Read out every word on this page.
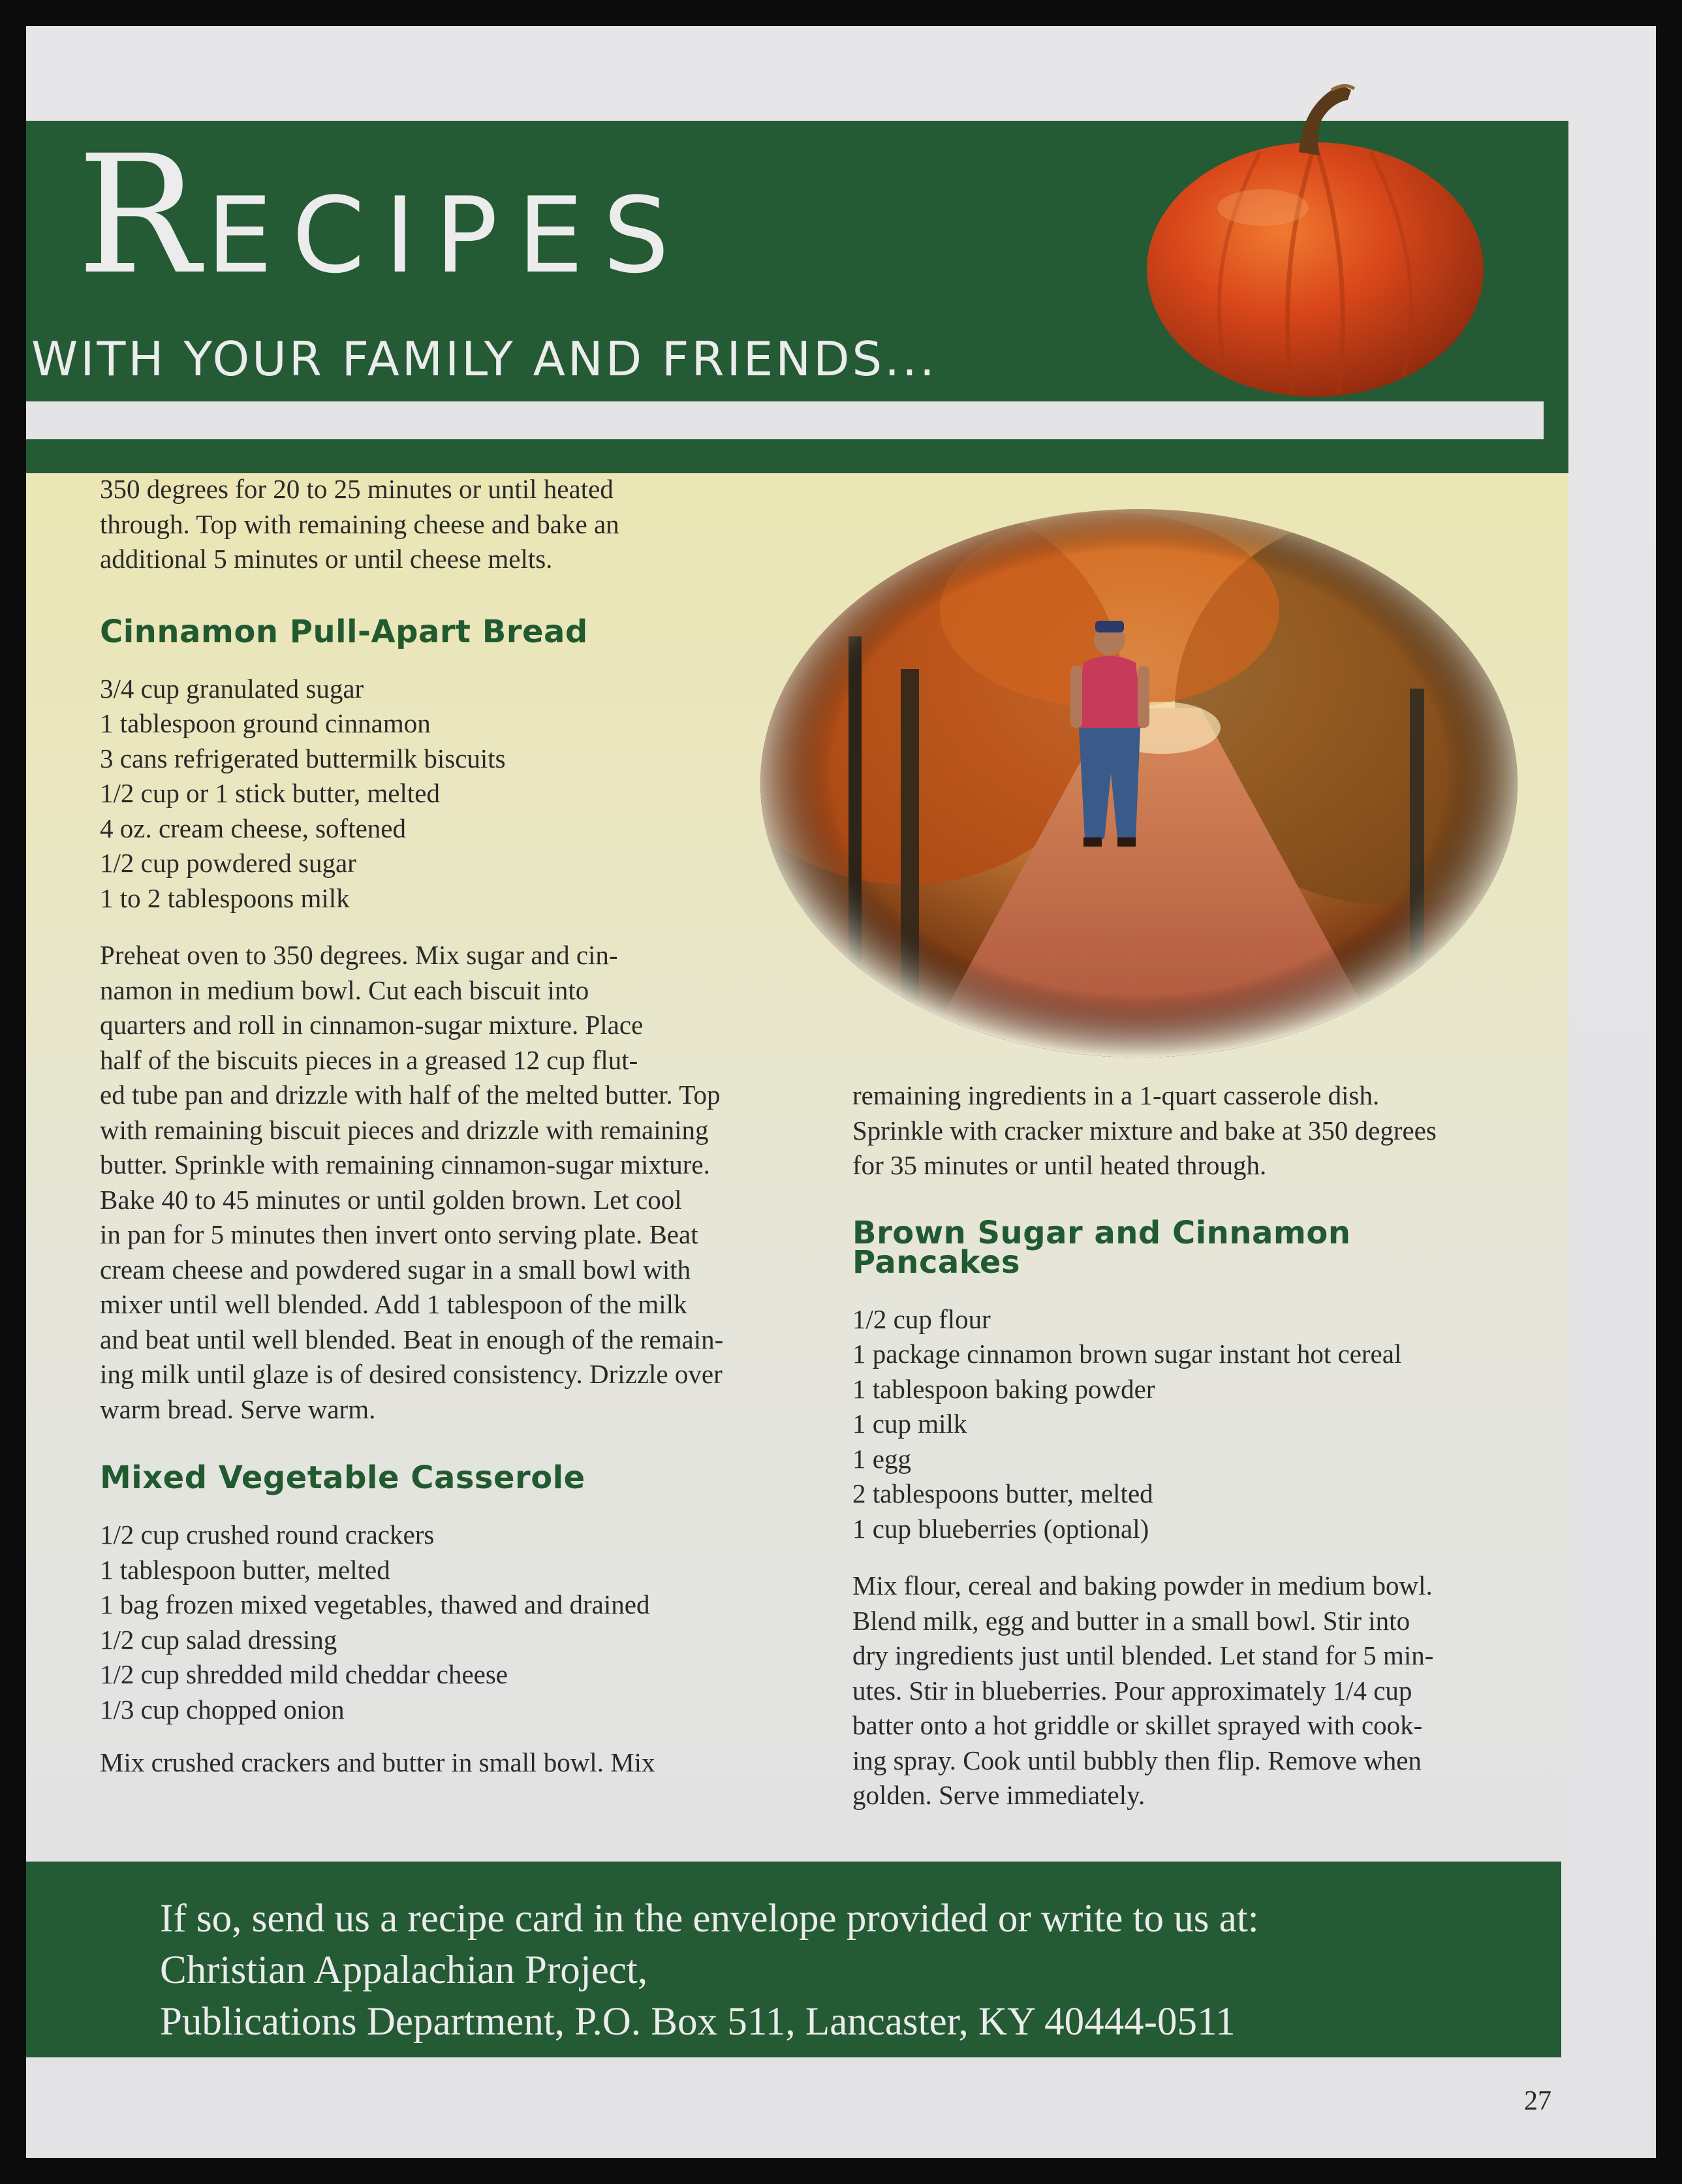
RECIPES
WITH YOUR FAMILY AND FRIENDS...

350 degrees for 20 to 25 minutes or until heated
through. Top with remaining cheese and bake an
additional 5 minutes or until cheese melts.

Cinnamon Pull-Apart Bread

3/4 cup granulated sugar
1 tablespoon ground cinnamon
3 cans refrigerated buttermilk biscuits
1/2 cup or 1 stick butter, melted
4 oz. cream cheese, softened
1/2 cup powdered sugar
1 to 2 tablespoons milk

Preheat oven to 350 degrees. Mix sugar and cin-
namon in medium bowl. Cut each biscuit into
quarters and roll in cinnamon-sugar mixture. Place
half of the biscuits pieces in a greased 12 cup flut-
ed tube pan and drizzle with half of the melted butter. Top
with remaining biscuit pieces and drizzle with remaining
butter. Sprinkle with remaining cinnamon-sugar mixture.
Bake 40 to 45 minutes or until golden brown. Let cool
in pan for 5 minutes then invert onto serving plate. Beat
cream cheese and powdered sugar in a small bowl with
mixer until well blended. Add 1 tablespoon of the milk
and beat until well blended. Beat in enough of the remain-
ing milk until glaze is of desired consistency. Drizzle over
warm bread. Serve warm.

Mixed Vegetable Casserole

1/2 cup crushed round crackers
1 tablespoon butter, melted
1 bag frozen mixed vegetables, thawed and drained
1/2 cup salad dressing
1/2 cup shredded mild cheddar cheese
1/3 cup chopped onion

Mix crushed crackers and butter in small bowl. Mix

remaining ingredients in a 1-quart casserole dish.
Sprinkle with cracker mixture and bake at 350 degrees
for 35 minutes or until heated through.

Brown Sugar and Cinnamon
Pancakes

1/2 cup flour
1 package cinnamon brown sugar instant hot cereal
1 tablespoon baking powder
1 cup milk
1 egg
2 tablespoons butter, melted
1 cup blueberries (optional)

Mix flour, cereal and baking powder in medium bowl.
Blend milk, egg and butter in a small bowl. Stir into
dry ingredients just until blended. Let stand for 5 min-
utes. Stir in blueberries. Pour approximately 1/4 cup
batter onto a hot griddle or skillet sprayed with cook-
ing spray. Cook until bubbly then flip. Remove when
golden. Serve immediately.

If so, send us a recipe card in the envelope provided or write to us at:
Christian Appalachian Project,
Publications Department, P.O. Box 511, Lancaster, KY 40444-0511
27
